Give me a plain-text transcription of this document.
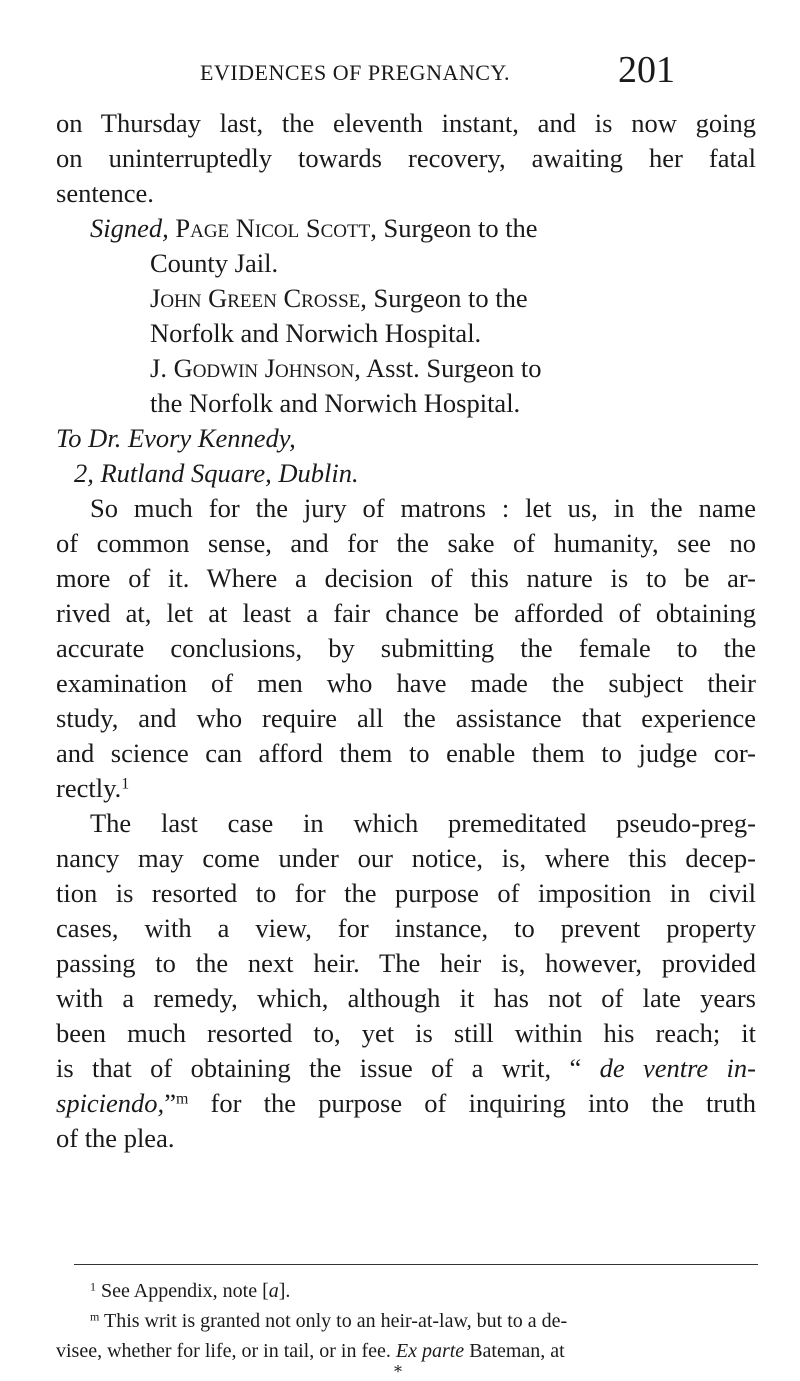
EVIDENCES OF PREGNANCY.	201
on Thursday last, the eleventh instant, and is now going
on uninterruptedly towards recovery, awaiting her fatal
sentence.
Signed, Page Nicol Scott, Surgeon to the
County Jail.
John Green Crosse, Surgeon to the
Norfolk and Norwich Hospital.
J. Godwin Johnson, Asst. Surgeon to
the Norfolk and Norwich Hospital.
To Dr. Evory Kennedy,
2, Rutland Square, Dublin.
So much for the jury of matrons : let us, in the name
of common sense, and for the sake of humanity, see no
more of it. Where a decision of this nature is to be ar-
rived at, let at least a fair chance be afforded of obtaining
accurate conclusions, by submitting the female to the
examination of men who have made the subject their
study, and who require all the assistance that experience
and science can afford them to enable them to judge cor-
rectly.$^1$
The last case in which premeditated pseudo-preg-
nancy may come under our notice, is, where this decep-
tion is resorted to for the purpose of imposition in civil
cases, with a view, for instance, to prevent property
passing to the next heir. The heir is, however, provided
with a remedy, which, although it has not of late years
been much resorted to, yet is still within his reach; it
is that of obtaining the issue of a writ, “ de ventre in-
spiciendo,”$^m$ for the purpose of inquiring into the truth
of the plea.
$^1$ See Appendix, note [a].
$^m$ This writ is granted not only to an heir-at-law, but to a de-
visee, whether for life, or in tail, or in fee. Ex parte Bateman, at
*
